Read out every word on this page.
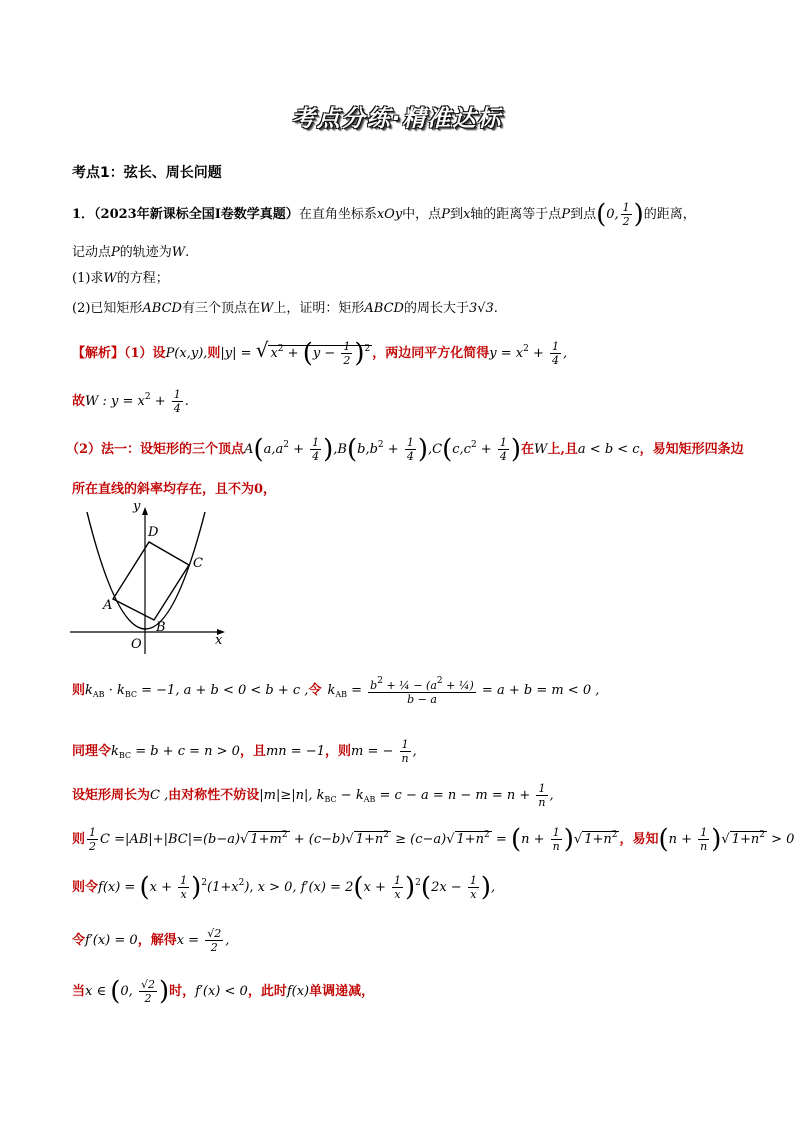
考点分练·精准达标
考点1：弦长、周长问题
1．（2023年新课标全国Ⅰ卷数学真题）在直角坐标系xOy中，点P到x轴的距离等于点P到点(0, $\frac{1}{2}$ )的距离，
记动点P的轨迹为W.
(1)求W的方程；
(2)已知矩形ABCD有三个顶点在W上，证明：矩形ABCD的周长大于3√3.
【解析】（1）设P(x,y),则|y| = √ $x^2 + (y - \frac{1}{2} )^2$ ，两边同平方化简得$y = x^2 + \frac{1}{4}$ ,
故W : $y = x^2 + \frac{1}{4}$ .
（2）法一：设矩形的三个顶点$A(a,a^2 + \frac{1}{4} ),B(b,b^2 + \frac{1}{4} ),C(c,c^2 + \frac{1}{4}$ )在W上,且a < b < c，易知矩形四条边
所在直线的斜率均存在，且不为0，
y
x
O
A
B
C
D
则$k_{AB} \cdot k_{BC} = -1$, a + b < 0 < b + c ,令 $k_{AB} = \frac{b^2 + \frac{1}{4} - (a^2 + \frac{1}{4})}{b - a} = a + b = m < 0$ ,
同理令$k_{BC} = b + c = n > 0$，且mn = −1，则m = − $\frac{1}{n}$ ,
设矩形周长为C ,由对称性不妨设|m|≥|n|, $k_{BC} - k_{AB} = c - a = n - m = n + \frac{1}{n}$ ,
则 $\frac{1}{2}$ C =|AB|+|BC|=(b−a)√ $1+m^2 + (c-b)√$ $1+n^2 \ge (c-a)√$ $1+n^2 = (n + \frac{1}{n}$ )√ $1+n^2$ ，易知($n + \frac{1}{n}$ )√ $1+n^2 > 0$
则令$f(x) = (x + \frac{1}{x} )^2(1+x^2)$, x > 0, $f'(x) = 2(x + \frac{1}{x} )^2(2x - \frac{1}{x}$ ),
令f′(x) = 0，解得$x = \frac{√2}{2}$ ,
当x ∈ (0, $\frac{√2}{2}$ )时，f′(x) < 0，此时f(x)单调递减，
